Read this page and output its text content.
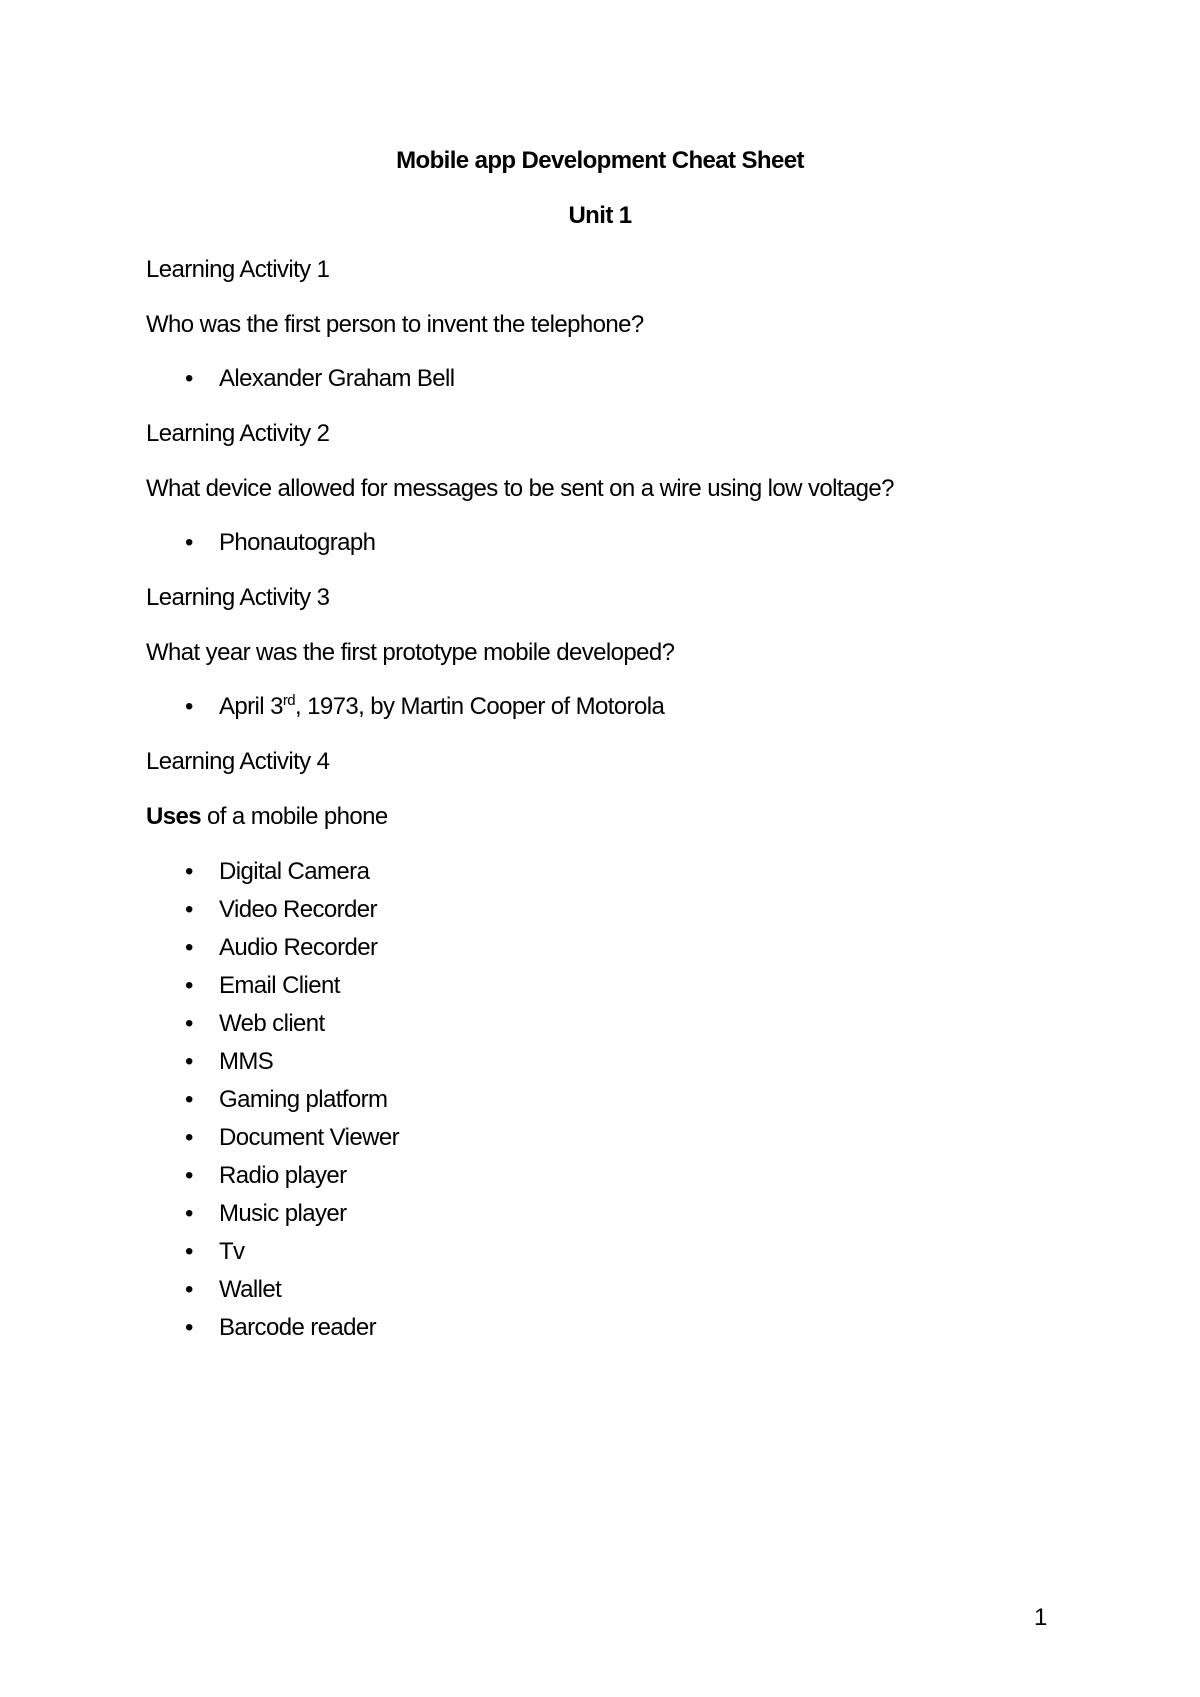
Mobile app Development Cheat Sheet
Unit 1

Learning Activity 1

Who was the first person to invent the telephone?

• Alexander Graham Bell

Learning Activity 2

What device allowed for messages to be sent on a wire using low voltage?

• Phonautograph

Learning Activity 3

What year was the first prototype mobile developed?

• April 3rd, 1973, by Martin Cooper of Motorola

Learning Activity 4

Uses of a mobile phone

• Digital Camera
• Video Recorder
• Audio Recorder
• Email Client
• Web client
• MMS
• Gaming platform
• Document Viewer
• Radio player
• Music player
• Tv
• Wallet
• Barcode reader
1
